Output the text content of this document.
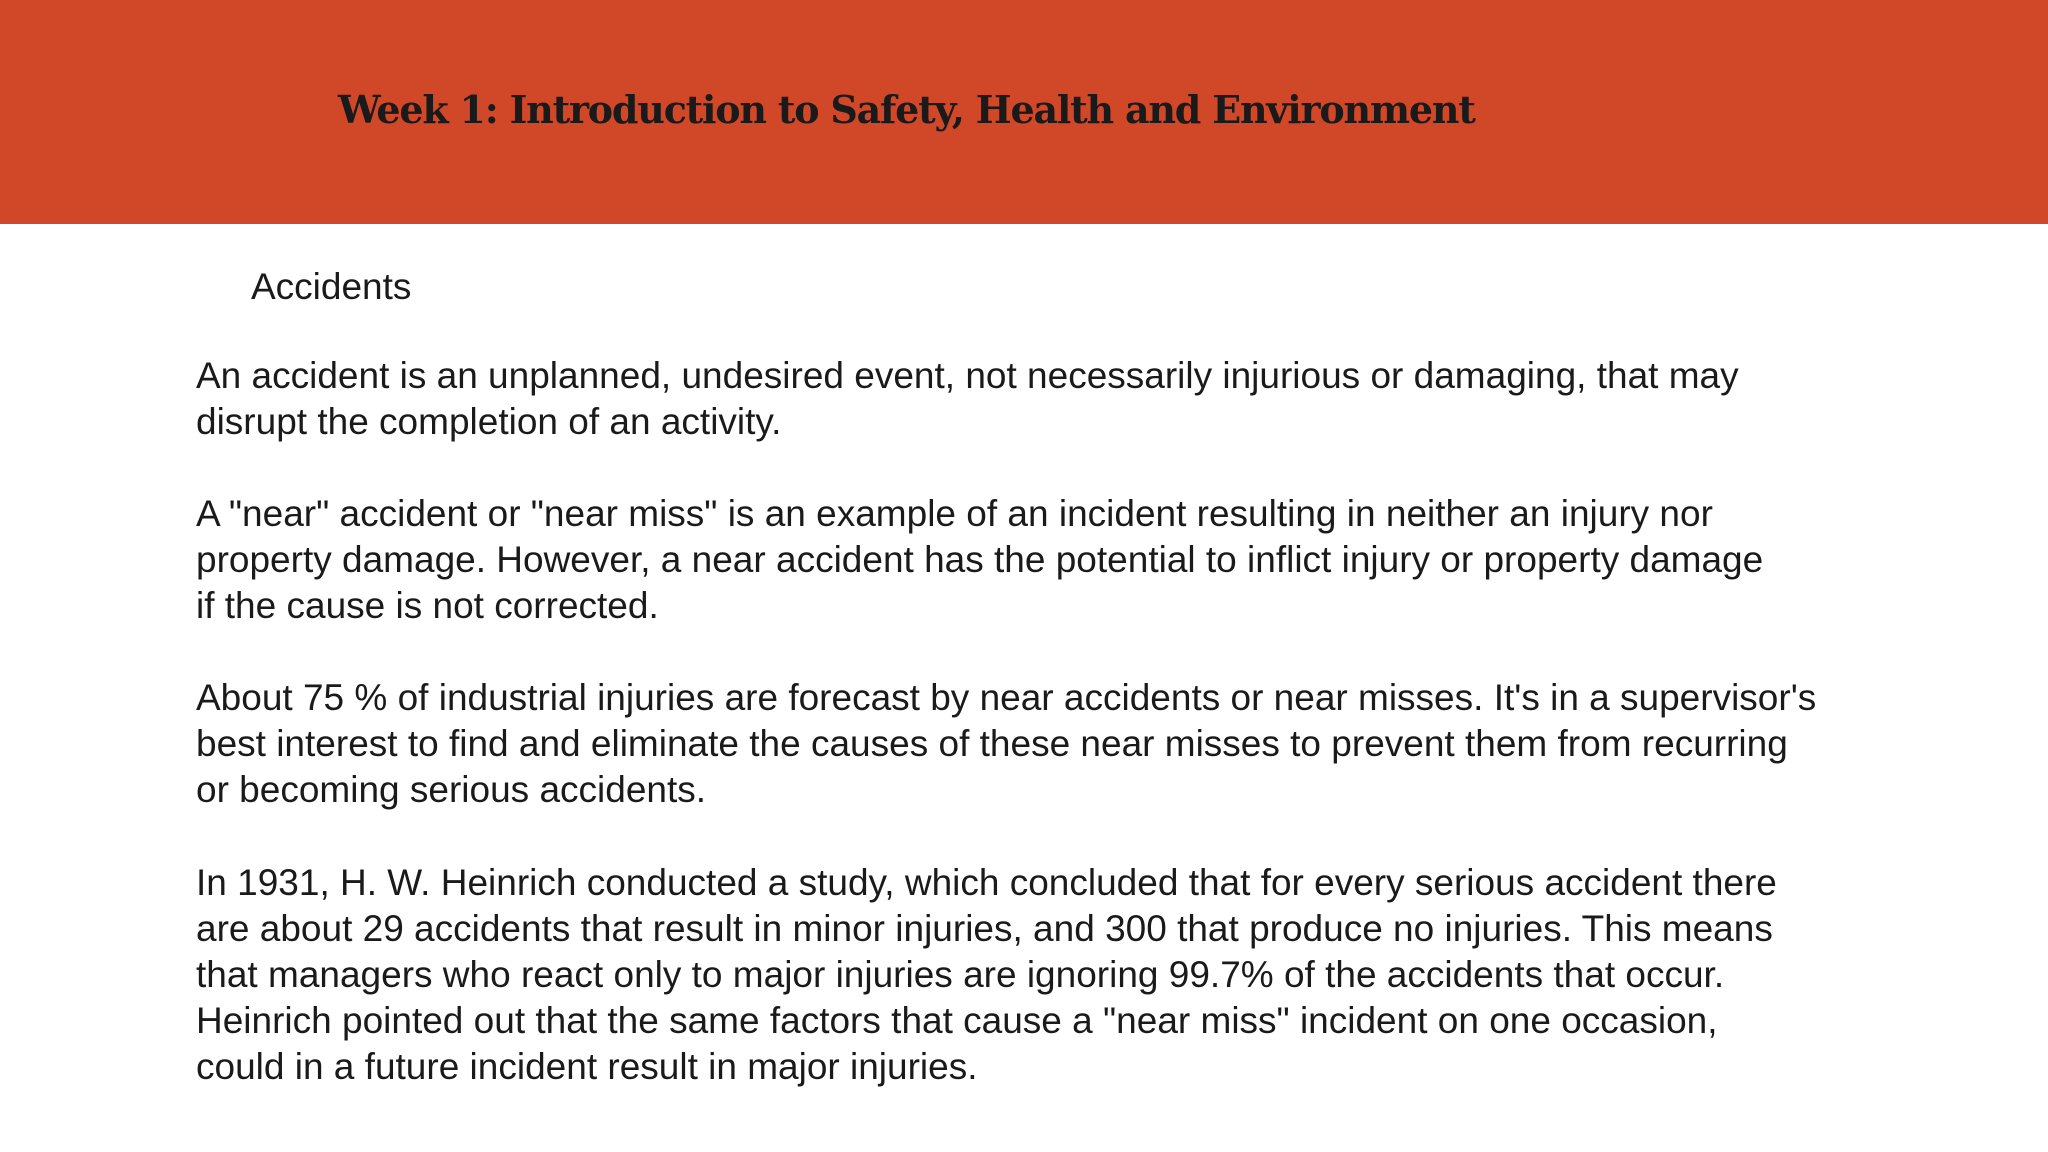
Week 1: Introduction to Safety, Health and Environment
Accidents
An accident is an unplanned, undesired event, not necessarily injurious or damaging, that may
disrupt the completion of an activity.
A "near" accident or "near miss" is an example of an incident resulting in neither an injury nor
property damage. However, a near accident has the potential to inflict injury or property damage
if the cause is not corrected.
About 75 % of industrial injuries are forecast by near accidents or near misses. It's in a supervisor's
best interest to find and eliminate the causes of these near misses to prevent them from recurring
or becoming serious accidents.
In 1931, H. W. Heinrich conducted a study, which concluded that for every serious accident there
are about 29 accidents that result in minor injuries, and 300 that produce no injuries. This means
that managers who react only to major injuries are ignoring 99.7% of the accidents that occur.
Heinrich pointed out that the same factors that cause a "near miss" incident on one occasion,
could in a future incident result in major injuries.
